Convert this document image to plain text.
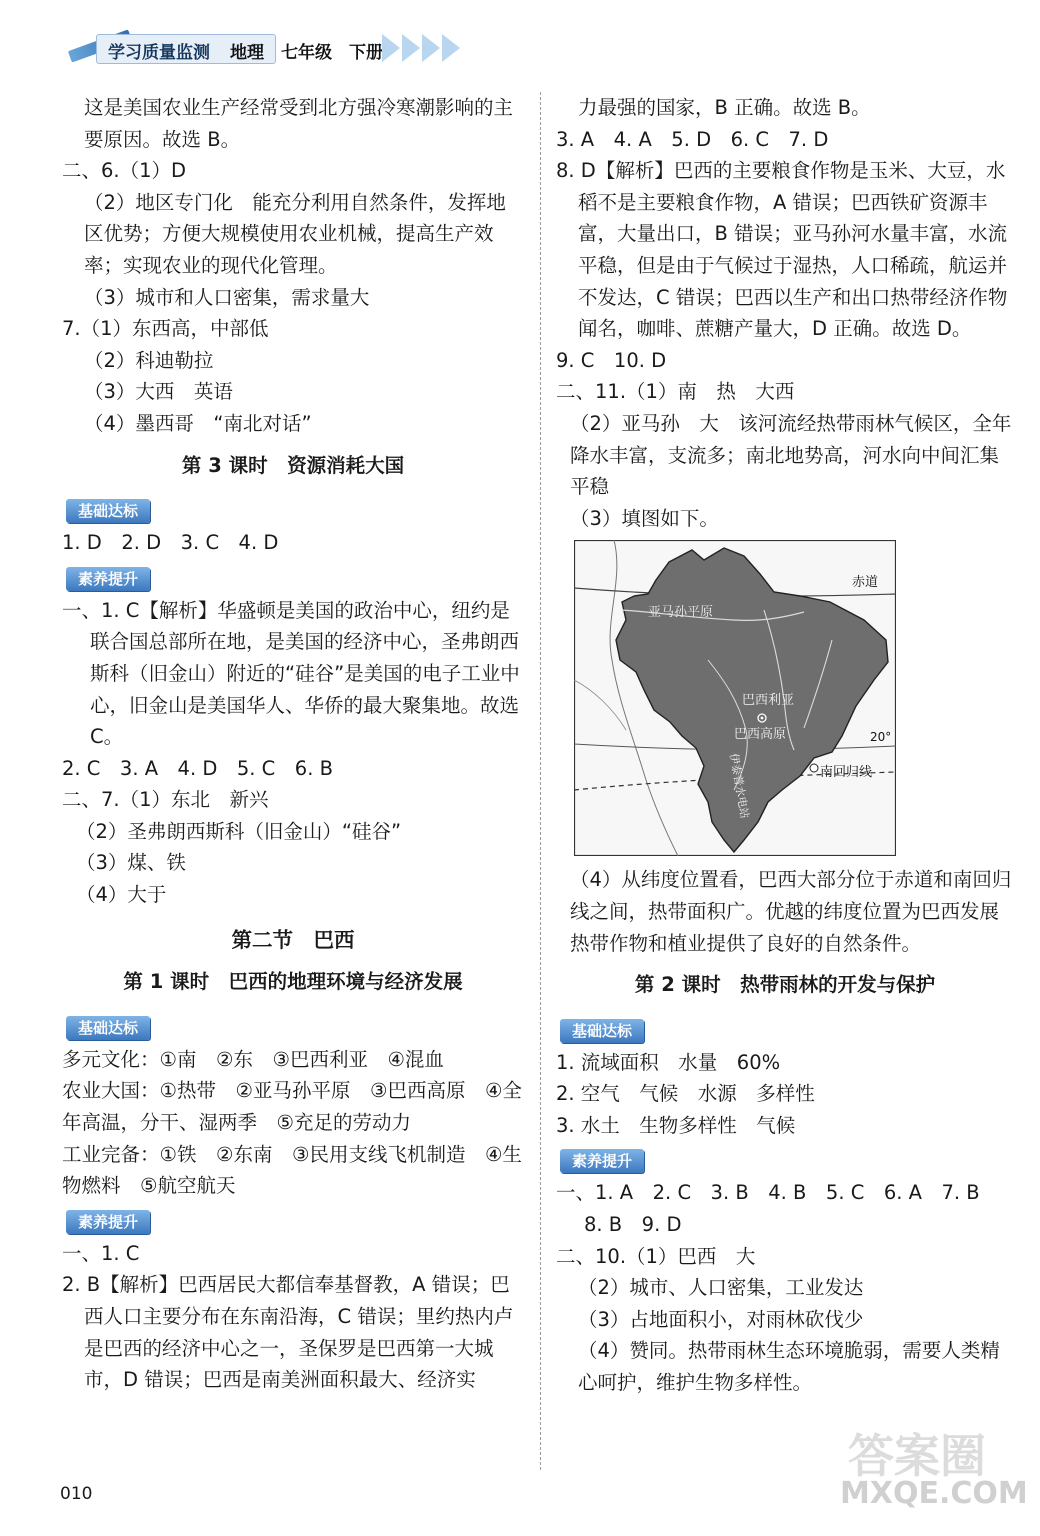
学习质量监测 地理　七年级　下册

这是美国农业生产经常受到北方强冷寒潮影响的主要原因。故选 B。

二、6.（1）D

（2）地区专门化　能充分利用自然条件，发挥地区优势；方便大规模使用农业机械，提高生产效率；实现农业的现代化管理。

（3）城市和人口密集，需求量大

7.（1）东西高，中部低

（2）科迪勒拉

（3）大西　英语

（4）墨西哥　“南北对话”

第 3 课时　资源消耗大国
基础达标

1. D　2. D　3. C　4. D

素养提升

一、1. C【解析】华盛顿是美国的政治中心，纽约是联合国总部所在地，是美国的经济中心，圣弗朗西斯科（旧金山）附近的“硅谷”是美国的电子工业中心，旧金山是美国华人、华侨的最大聚集地。故选 C。

2. C　3. A　4. D　5. C　6. B

二、7.（1）东北　新兴

（2）圣弗朗西斯科（旧金山）“硅谷”

（3）煤、铁

（4）大于

第二节　巴西
第 1 课时　巴西的地理环境与经济发展
基础达标

多元文化：①南　②东　③巴西利亚　④混血

农业大国：①热带　②亚马孙平原　③巴西高原　④全年高温，分干、湿两季　⑤充足的劳动力

工业完备：①铁　②东南　③民用支线飞机制造　④生物燃料　⑤航空航天

素养提升

一、1. C

2. B【解析】巴西居民大都信奉基督教，A 错误；巴西人口主要分布在东南沿海，C 错误；里约热内卢是巴西的经济中心之一，圣保罗是巴西第一大城市，D 错误；巴西是南美洲面积最大、经济实

力最强的国家，B 正确。故选 B。

3. A　4. A　5. D　6. C　7. D

8. D【解析】巴西的主要粮食作物是玉米、大豆，水稻不是主要粮食作物，A 错误；巴西铁矿资源丰富，大量出口，B 错误；亚马孙河水量丰富，水流平稳，但是由于气候过于湿热，人口稀疏，航运并不发达，C 错误；巴西以生产和出口热带经济作物闻名，咖啡、蔗糖产量大，D 正确。故选 D。

9. C　10. D

二、11.（1）南　热　大西

（2）亚马孙　大　该河流经热带雨林气候区，全年降水丰富，支流多；南北地势高，河水向中间汇集　平稳

（3）填图如下。

赤道
亚马孙平原
巴西利亚
巴西高原	20°
南回归线
伊泰普水电站

（4）从纬度位置看，巴西大部分位于赤道和南回归线之间，热带面积广。优越的纬度位置为巴西发展热带作物和植业提供了良好的自然条件。

第 2 课时　热带雨林的开发与保护
基础达标

1. 流域面积　水量　60%

2. 空气　气候　水源　多样性

3. 水土　生物多样性　气候

素养提升

一、1. A　2. C　3. B　4. B　5. C　6. A　7. B　8. B　9. D

二、10.（1）巴西　大

（2）城市、人口密集，工业发达

（3）占地面积小，对雨林砍伐少

（4）赞同。热带雨林生态环境脆弱，需要人类精心呵护，维护生物多样性。

010
答案圈
MXQE.COM
